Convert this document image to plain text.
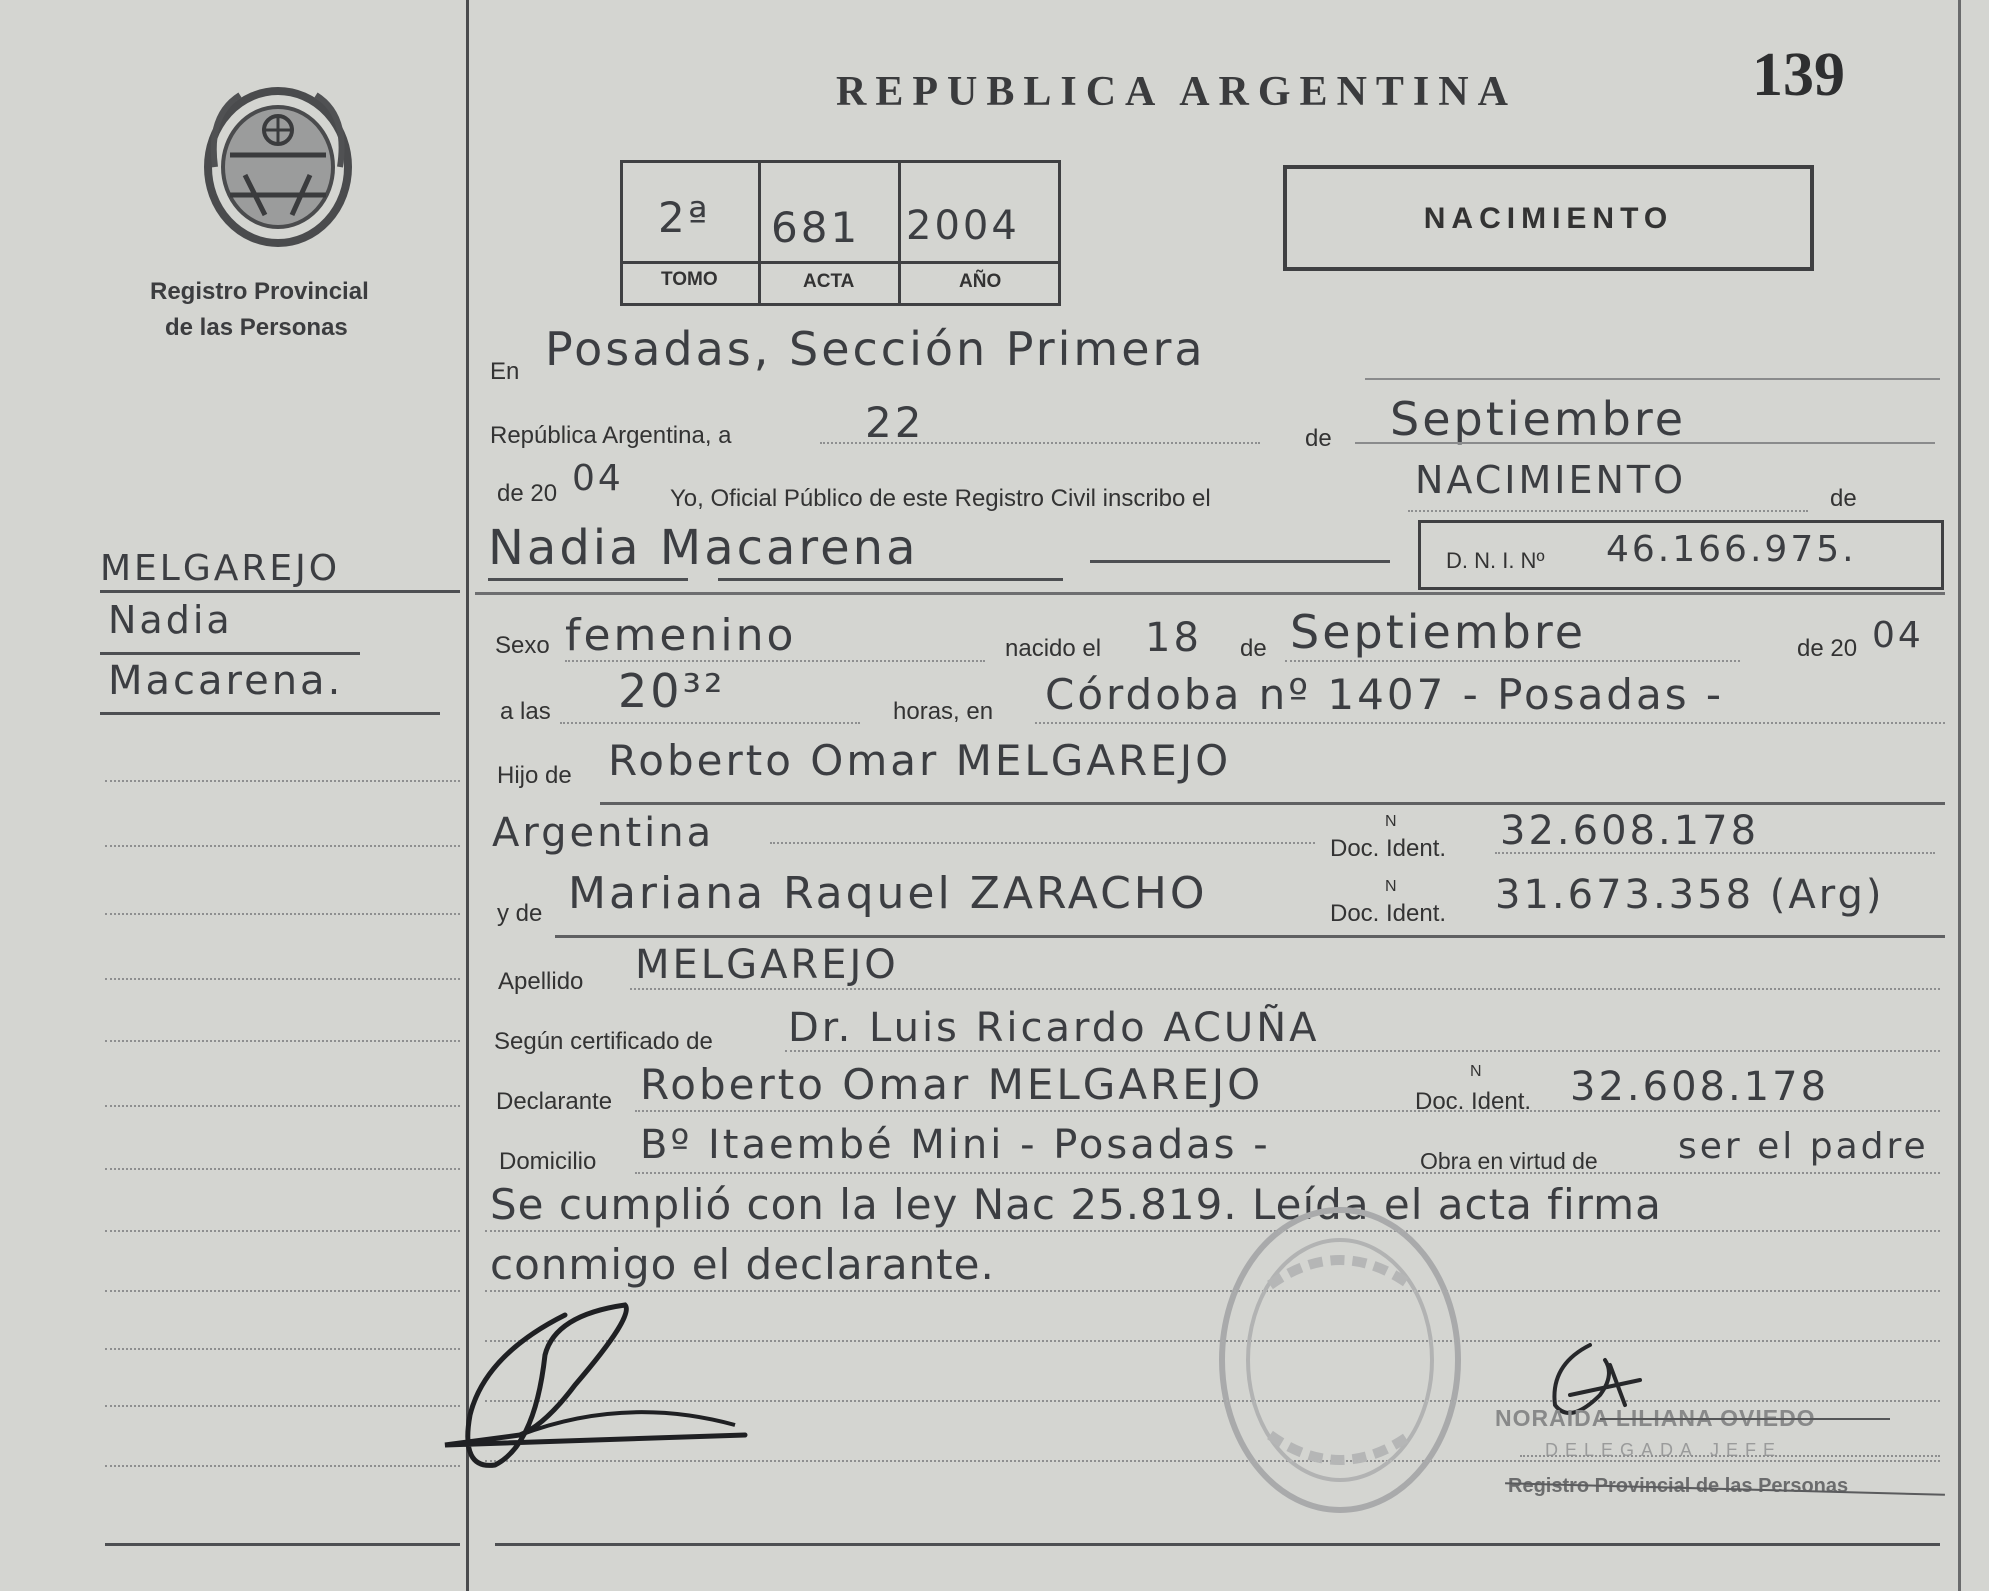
Registro Provincial
de las Personas
MELGAREJO
Nadia
Macarena.
REPUBLICA ARGENTINA	139
2ª 681 2004
TOMO	ACTA	AÑO
NACIMIENTO
En Posadas, Sección Primera
República Argentina, a	22	de Septiembre
de 20 04 Yo, Oficial Público de este Registro Civil inscribo el	NACIMIENTO	de
Nadia Macarena	D. N. I. Nº 46.166.975.
Sexo femenino	nacido el 18 de Septiembre	de 20 04
a las 20³²	horas, en Córdoba nº 1407 - Posadas -
Hijo de Roberto Omar MELGAREJO
Argentina	Doc. Ident.
N	32.608.178
y de Mariana Raquel ZARACHO	Doc. Ident.
N 31.673.358 (Arg)
Apellido MELGAREJO
Según certificado de Dr. Luis Ricardo ACUÑA
Declarante Roberto Omar MELGAREJO	Doc. Ident.
N 32.608.178
Domicilio Bº Itaembé Mini - Posadas -	Obra en virtud de ser el padre
Se cumplió con la ley Nac 25.819. Leída el acta firma
conmigo el declarante.
NORAIDA LILIANA OVIEDO
DELEGADA JEFE
Registro Provincial de las Personas
